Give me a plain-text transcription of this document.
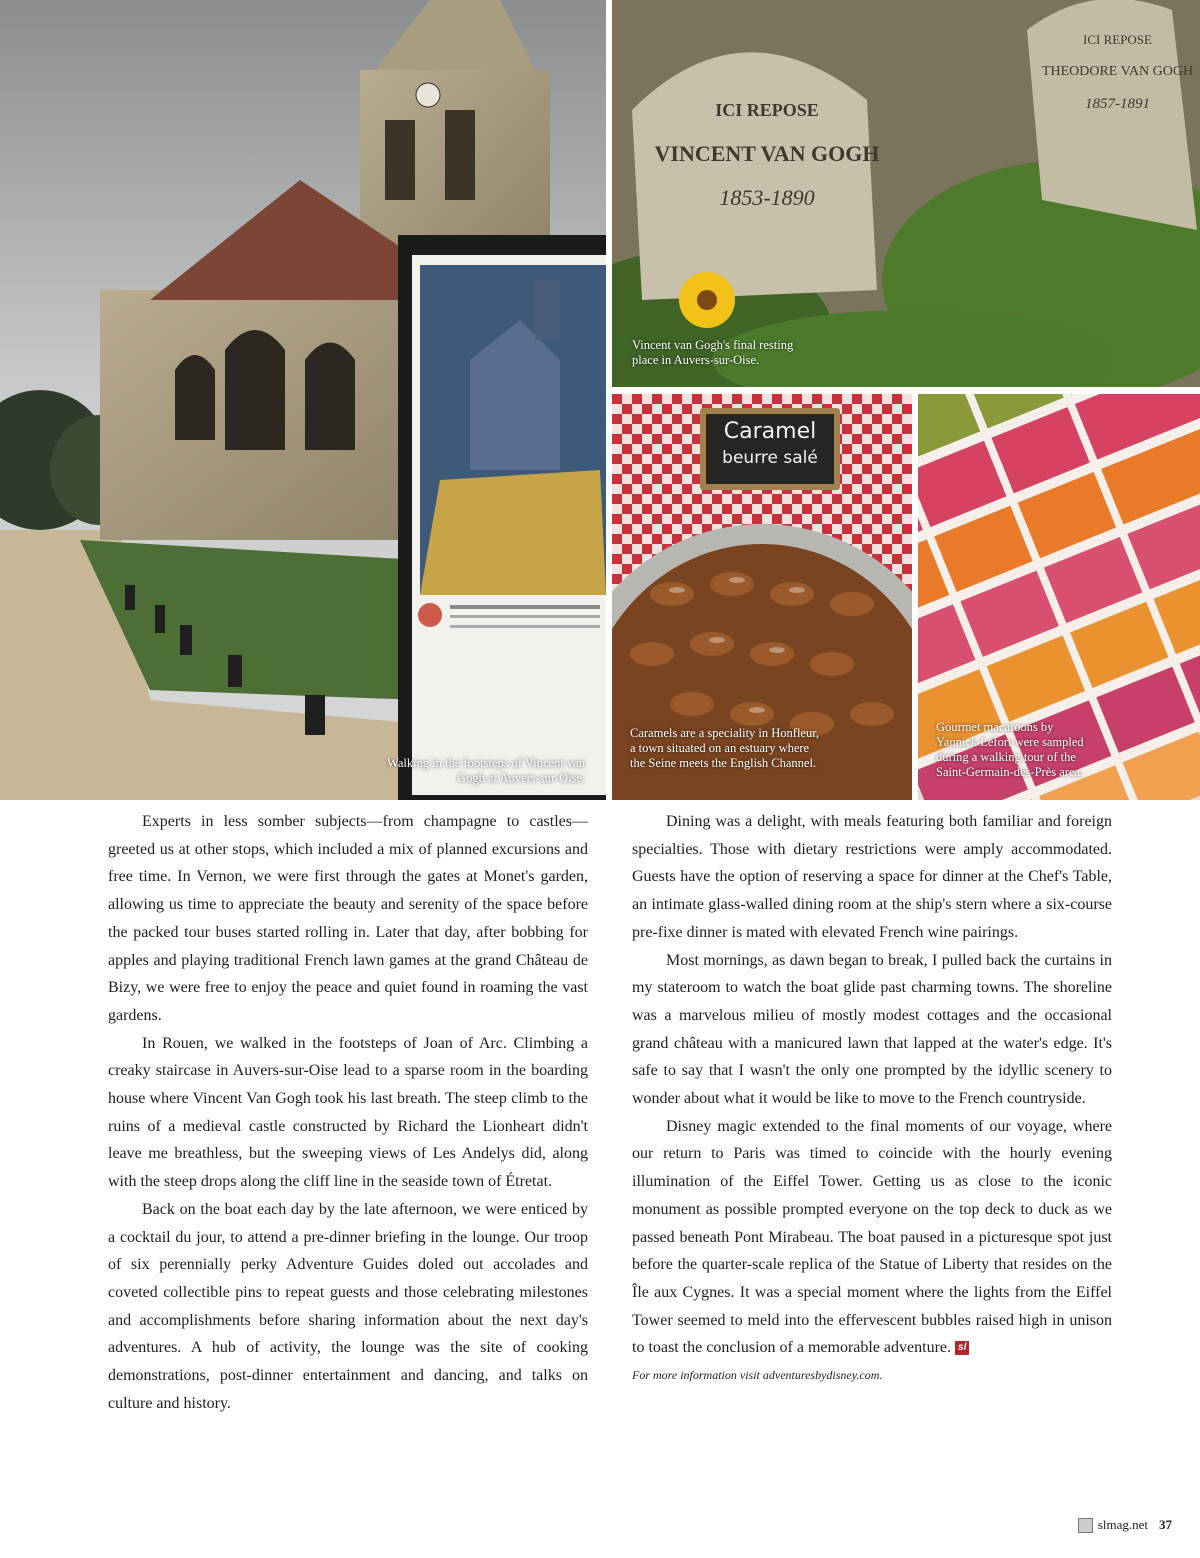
Walking in the footsteps of Vincent van Gogh at Auvers-sur-Oise.
ICI REPOSE
VINCENT VAN GOGH
1853-1890
ICI REPOSE
THEODORE VAN GOGH
1857-1891
Vincent van Gogh's final resting place in Auvers-sur-Oise.
Caramel
beurre salé
Caramels are a speciality in Honfleur, a town situated on an estuary where the Seine meets the English Channel.
Gourmet macaroons by Yannick Lefort were sampled during a walking tour of the Saint-Germain-des-Près area.

Experts in less somber subjects—from champagne to castles—greeted us at other stops, which included a mix of planned excursions and free time. In Vernon, we were first through the gates at Monet's garden, allowing us time to appreciate the beauty and serenity of the space before the packed tour buses started rolling in. Later that day, after bobbing for apples and playing traditional French lawn games at the grand Château de Bizy, we were free to enjoy the peace and quiet found in roaming the vast gardens.

In Rouen, we walked in the footsteps of Joan of Arc. Climbing a creaky staircase in Auvers-sur-Oise lead to a sparse room in the boarding house where Vincent Van Gogh took his last breath. The steep climb to the ruins of a medieval castle constructed by Richard the Lionheart didn't leave me breathless, but the sweeping views of Les Andelys did, along with the steep drops along the cliff line in the seaside town of Étretat.

Back on the boat each day by the late afternoon, we were enticed by a cocktail du jour, to attend a pre-dinner briefing in the lounge. Our troop of six perennially perky Adventure Guides doled out accolades and coveted collectible pins to repeat guests and those celebrating milestones and accomplishments before sharing information about the next day's adventures. A hub of activity, the lounge was the site of cooking demonstrations, post-dinner entertainment and dancing, and talks on culture and history.

Dining was a delight, with meals featuring both familiar and foreign specialties. Those with dietary restrictions were amply accommodated. Guests have the option of reserving a space for dinner at the Chef's Table, an intimate glass-walled dining room at the ship's stern where a six-course pre-fixe dinner is mated with elevated French wine pairings.

Most mornings, as dawn began to break, I pulled back the curtains in my stateroom to watch the boat glide past charming towns. The shoreline was a marvelous milieu of mostly modest cottages and the occasional grand château with a manicured lawn that lapped at the water's edge. It's safe to say that I wasn't the only one prompted by the idyllic scenery to wonder about what it would be like to move to the French countryside.

Disney magic extended to the final moments of our voyage, where our return to Paris was timed to coincide with the hourly evening illumination of the Eiffel Tower. Getting us as close to the iconic monument as possible prompted everyone on the top deck to duck as we passed beneath Pont Mirabeau. The boat paused in a picturesque spot just before the quarter-scale replica of the Statue of Liberty that resides on the Île aux Cygnes. It was a special moment where the lights from the Eiffel Tower seemed to meld into the effervescent bubbles raised high in unison to toast the conclusion of a memorable adventure. sl

For more information visit adventuresbydisney.com.

slmag.net 37
